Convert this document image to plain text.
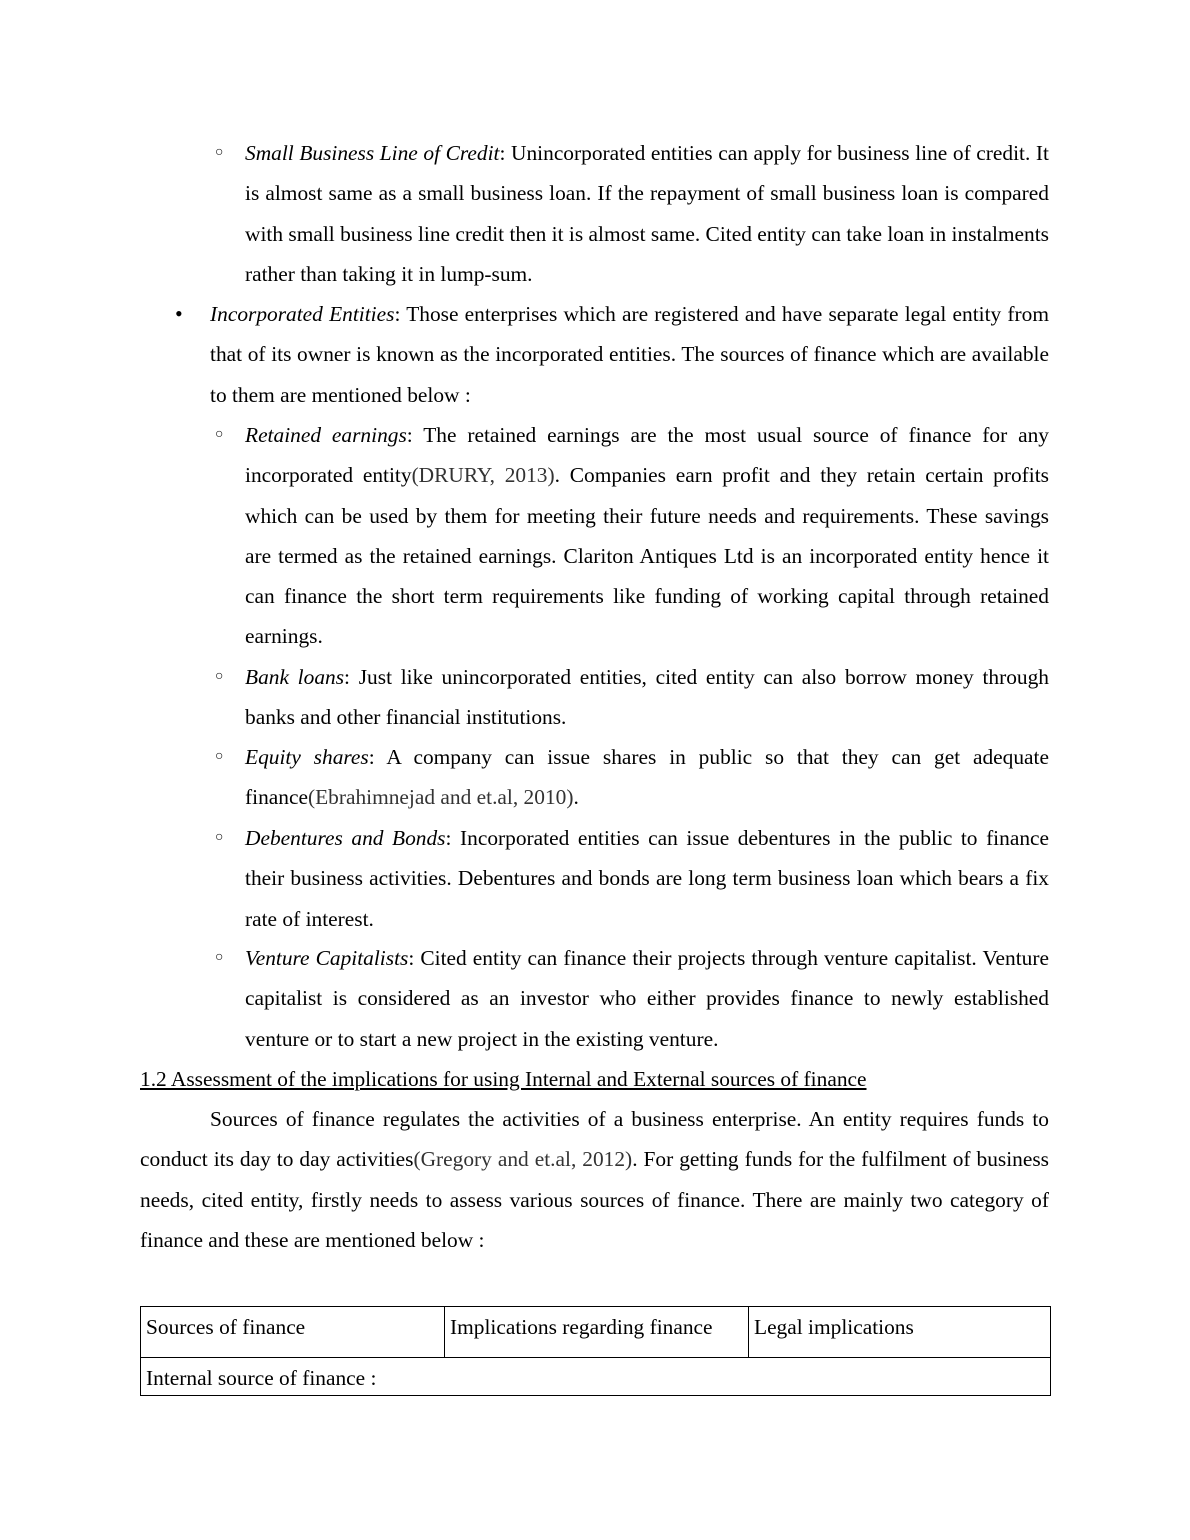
○ Small Business Line of Credit: Unincorporated entities can apply for business line of credit. It is almost same as a small business loan. If the repayment of small business loan is compared with small business line credit then it is almost same. Cited entity can take loan in instalments rather than taking it in lump-sum.

• Incorporated Entities: Those enterprises which are registered and have separate legal entity from that of its owner is known as the incorporated entities. The sources of finance which are available to them are mentioned below :

○ Retained earnings: The retained earnings are the most usual source of finance for any incorporated entity(DRURY, 2013). Companies earn profit and they retain certain profits which can be used by them for meeting their future needs and requirements. These savings are termed as the retained earnings. Clariton Antiques Ltd is an incorporated entity hence it can finance the short term requirements like funding of working capital through retained earnings.

○ Bank loans: Just like unincorporated entities, cited entity can also borrow money through banks and other financial institutions.

○ Equity shares: A company can issue shares in public so that they can get adequate finance(Ebrahimnejad and et.al, 2010).

○ Debentures and Bonds: Incorporated entities can issue debentures in the public to finance their business activities. Debentures and bonds are long term business loan which bears a fix rate of interest.

○ Venture Capitalists: Cited entity can finance their projects through venture capitalist. Venture capitalist is considered as an investor who either provides finance to newly established venture or to start a new project in the existing venture.

1.2 Assessment of the implications for using Internal and External sources of finance

Sources of finance regulates the activities of a business enterprise. An entity requires funds to conduct its day to day activities(Gregory and et.al, 2012). For getting funds for the fulfilment of business needs, cited entity, firstly needs to assess various sources of finance. There are mainly two category of finance and these are mentioned below :

Sources of finance	Implications regarding finance	Legal implications
Internal source of finance :
